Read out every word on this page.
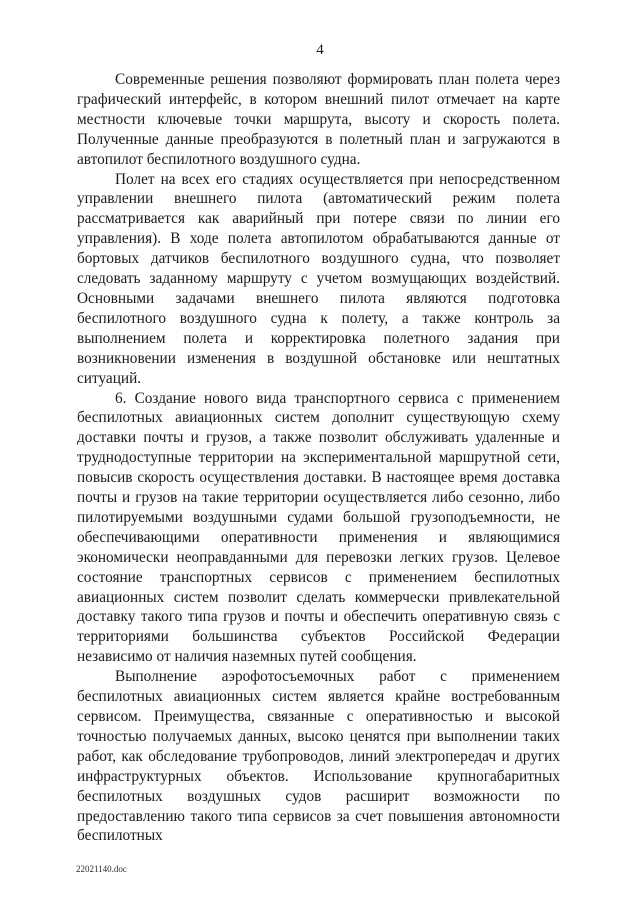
4

Современные решения позволяют формировать план полета через графический интерфейс, в котором внешний пилот отмечает на карте местности ключевые точки маршрута, высоту и скорость полета. Полученные данные преобразуются в полетный план и загружаются в автопилот беспилотного воздушного судна.

Полет на всех его стадиях осуществляется при непосредственном управлении внешнего пилота (автоматический режим полета рассматривается как аварийный при потере связи по линии его управления). В ходе полета автопилотом обрабатываются данные от бортовых датчиков беспилотного воздушного судна, что позволяет следовать заданному маршруту с учетом возмущающих воздействий. Основными задачами внешнего пилота являются подготовка беспилотного воздушного судна к полету, а также контроль за выполнением полета и корректировка полетного задания при возникновении изменения в воздушной обстановке или нештатных ситуаций.

6. Создание нового вида транспортного сервиса с применением беспилотных авиационных систем дополнит существующую схему доставки почты и грузов, а также позволит обслуживать удаленные и труднодоступные территории на экспериментальной маршрутной сети, повысив скорость осуществления доставки. В настоящее время доставка почты и грузов на такие территории осуществляется либо сезонно, либо пилотируемыми воздушными судами большой грузоподъемности, не обеспечивающими оперативности применения и являющимися экономически неоправданными для перевозки легких грузов. Целевое состояние транспортных сервисов с применением беспилотных авиационных систем позволит сделать коммерчески привлекательной доставку такого типа грузов и почты и обеспечить оперативную связь с территориями большинства субъектов Российской Федерации независимо от наличия наземных путей сообщения.

Выполнение аэрофотосъемочных работ с применением беспилотных авиационных систем является крайне востребованным сервисом. Преимущества, связанные с оперативностью и высокой точностью получаемых данных, высоко ценятся при выполнении таких работ, как обследование трубопроводов, линий электропередач и других инфраструктурных объектов. Использование крупногабаритных беспилотных воздушных судов расширит возможности по предоставлению такого типа сервисов за счет повышения автономности беспилотных

22021140.doc
